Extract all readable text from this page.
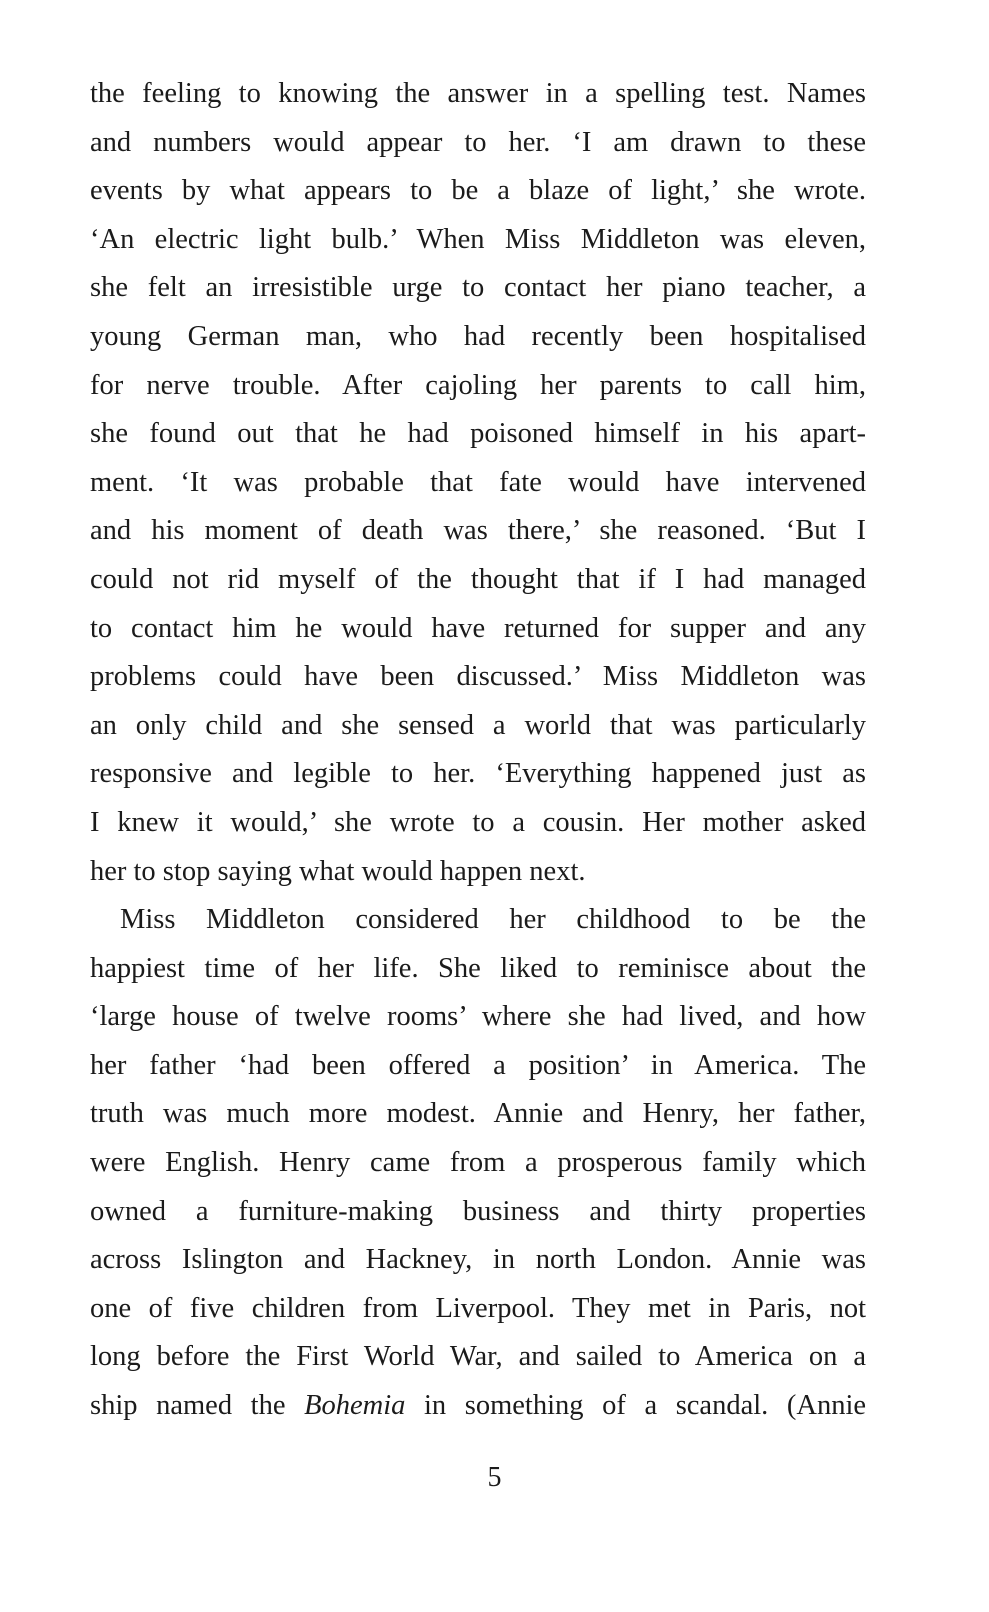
the feeling to knowing the answer in a spelling test. Names
and numbers would appear to her. ‘I am drawn to these
events by what appears to be a blaze of light,’ she wrote.
‘An electric light bulb.’ When Miss Middleton was eleven,
she felt an irresistible urge to contact her piano teacher, a
young German man, who had recently been hospitalised
for nerve trouble. After cajoling her parents to call him,
she found out that he had poisoned himself in his apart-
ment. ‘It was probable that fate would have intervened
and his moment of death was there,’ she reasoned. ‘But I
could not rid myself of the thought that if I had managed
to contact him he would have returned for supper and any
problems could have been discussed.’ Miss Middleton was
an only child and she sensed a world that was particularly
responsive and legible to her. ‘Everything happened just as
I knew it would,’ she wrote to a cousin. Her mother asked
her to stop saying what would happen next.
Miss Middleton considered her childhood to be the
happiest time of her life. She liked to reminisce about the
‘large house of twelve rooms’ where she had lived, and how
her father ‘had been offered a position’ in America. The
truth was much more modest. Annie and Henry, her father,
were English. Henry came from a prosperous family which
owned a furniture-making business and thirty properties
across Islington and Hackney, in north London. Annie was
one of five children from Liverpool. They met in Paris, not
long before the First World War, and sailed to America on a
ship named the Bohemia in something of a scandal. (Annie
5
